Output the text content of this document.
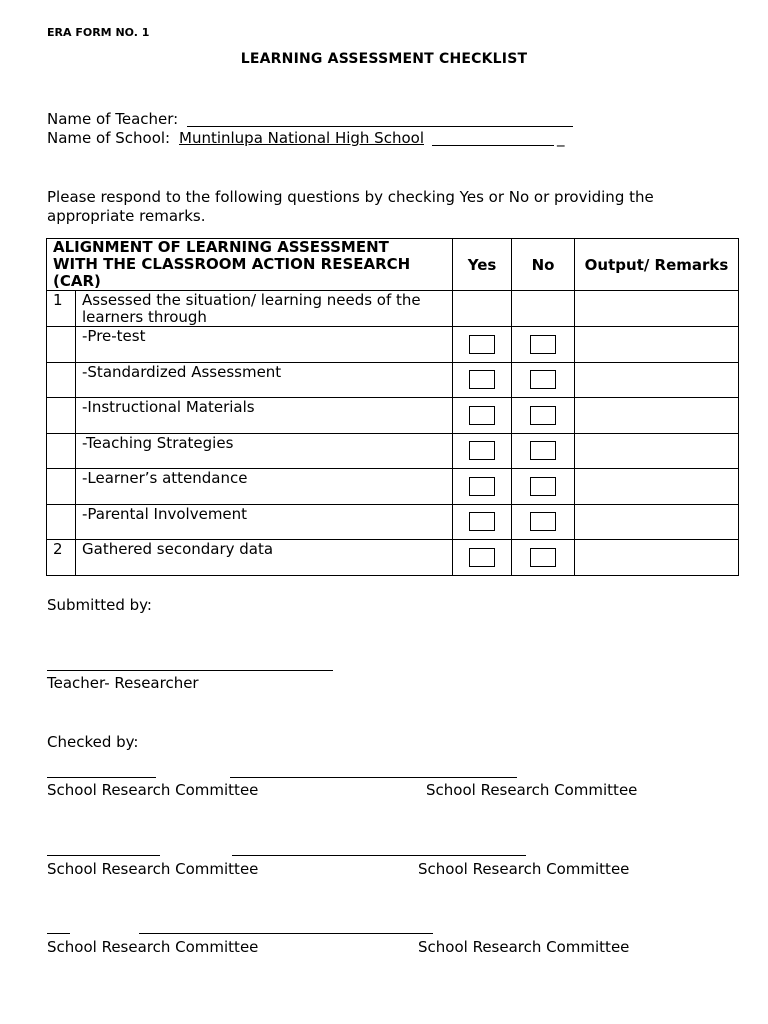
ERA FORM NO. 1
LEARNING ASSESSMENT CHECKLIST
Name of Teacher:
Name of School: Muntinlupa National High School	_
Please respond to the following questions by checking Yes or No or providing the
appropriate remarks.
ALIGNMENT OF LEARNING ASSESSMENT
WITH THE CLASSROOM ACTION RESEARCH
(CAR)		Yes	No	Output/ Remarks
1	Assessed the situation/ learning needs of the learners through			
	-Pre-test			
	-Standardized Assessment			
	-Instructional Materials			
	-Teaching Strategies			
	-Learner’s attendance			
	-Parental Involvement			
2	Gathered secondary data			
Submitted by:
Teacher- Researcher
Checked by:
School Research Committee	School Research Committee
School Research Committee	School Research Committee
School Research Committee	School Research Committee
